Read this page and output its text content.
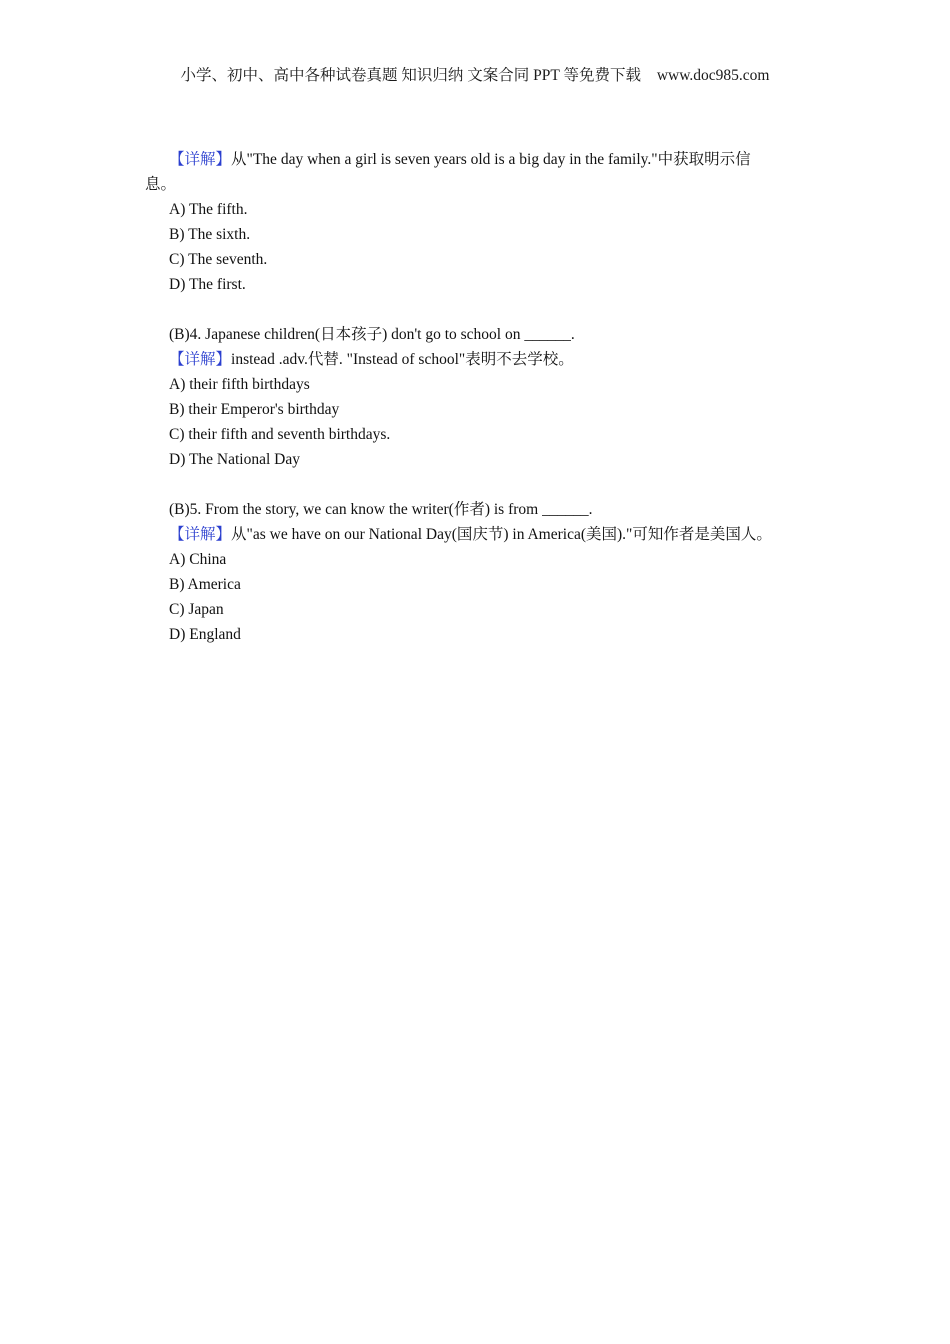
小学、初中、高中各种试卷真题 知识归纳 文案合同 PPT 等免费下载 www.doc985.com
【详解】从"The day when a girl is seven years old is a big day in the family."中获取明示信
息。
A) The fifth.
B) The sixth.
C) The seventh.
D) The first.
(B)4. Japanese children(日本孩子) don't go to school on ______.
【详解】instead .adv.代替. "Instead of school"表明不去学校。
A) their fifth birthdays
B) their Emperor's birthday
C) their fifth and seventh birthdays.
D) The National Day
(B)5. From the story, we can know the writer(作者) is from ______.
【详解】从"as we have on our National Day(国庆节) in America(美国)."可知作者是美国人。
A) China
B) America
C) Japan
D) England
